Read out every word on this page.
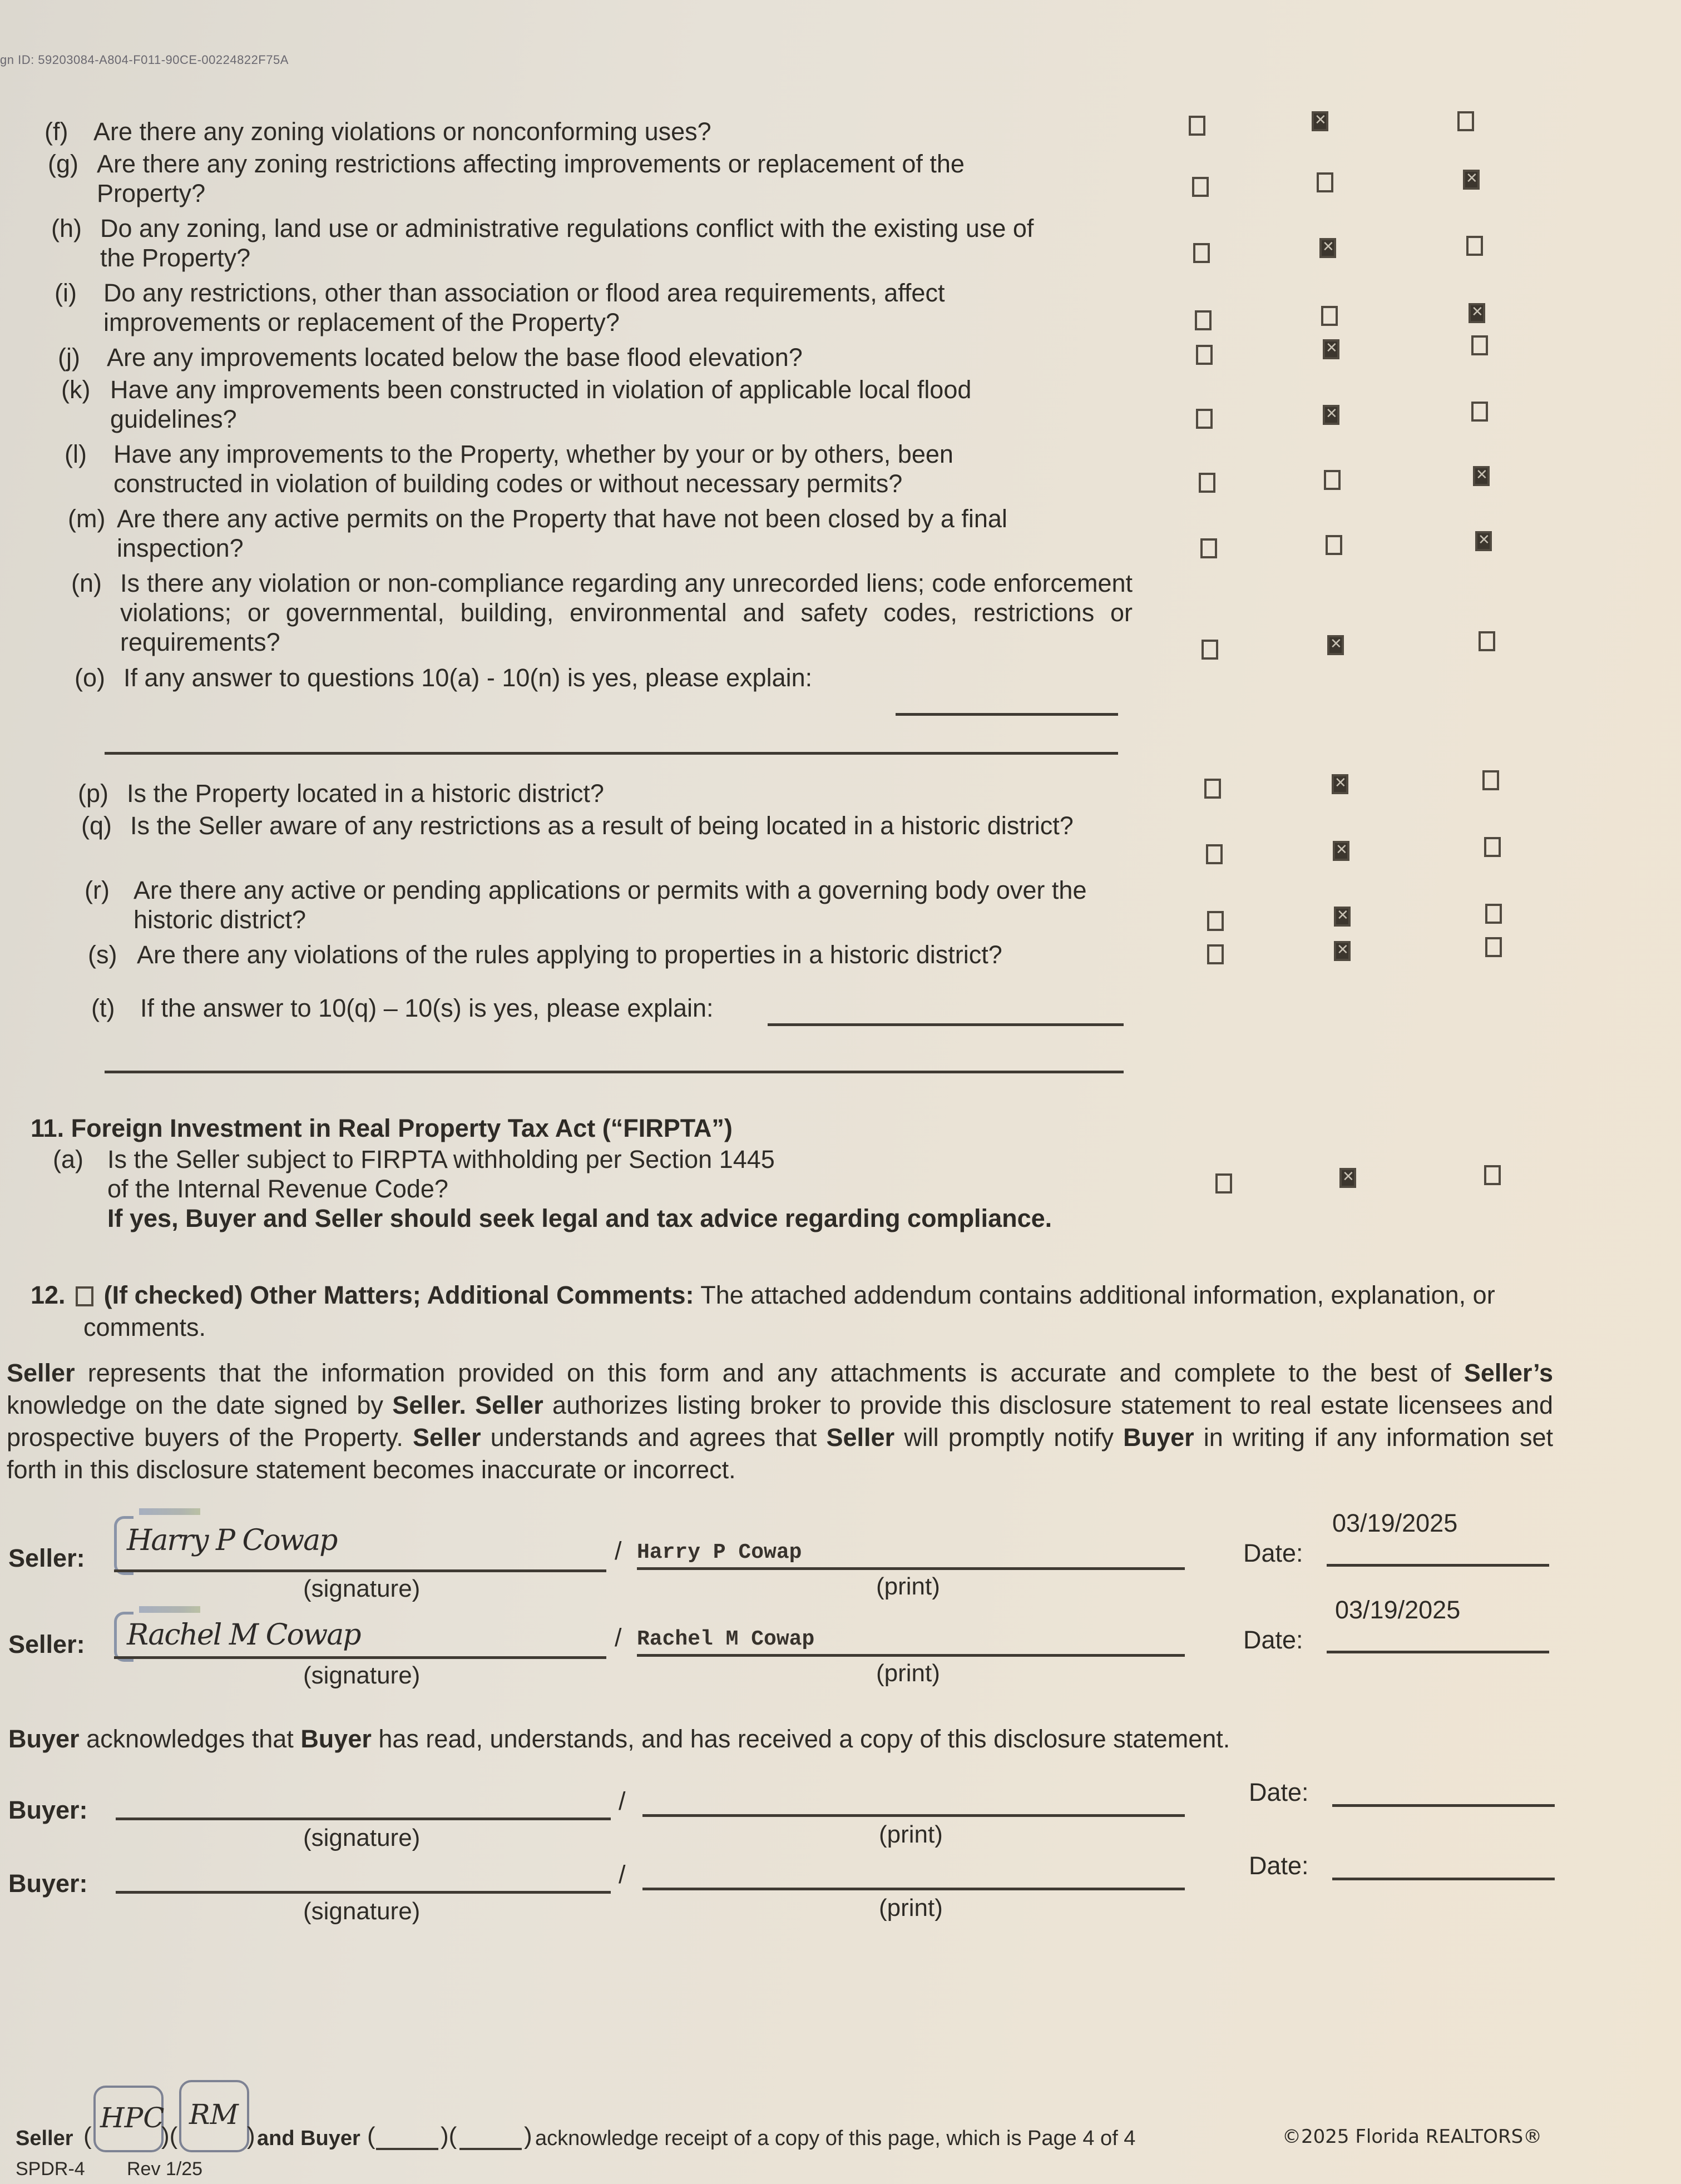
gn ID: 59203084-A804-F011-90CE-00224822F75A
(f) Are there any zoning violations or nonconforming uses?
✕
(g) Are there any zoning restrictions affecting improvements or replacement of the Property?
✕
(h) Do any zoning, land use or administrative regulations conflict with the existing use of the Property?
✕
(i) Do any restrictions, other than association or flood area requirements, affect improvements or replacement of the Property?
✕
(j) Are any improvements located below the base flood elevation?
✕
(k) Have any improvements been constructed in violation of applicable local flood guidelines?
✕
(l) Have any improvements to the Property, whether by your or by others, been constructed in violation of building codes or without necessary permits?
✕
(m) Are there any active permits on the Property that have not been closed by a final inspection?
✕
(n) Is there any violation or non-compliance regarding any unrecorded liens; code enforcement violations; or governmental, building, environmental and safety codes, restrictions or requirements?
✕
(o) If any answer to questions 10(a) - 10(n) is yes, please explain:
(p) Is the Property located in a historic district?
✕
(q) Is the Seller aware of any restrictions as a result of being located in a historic district?
✕
(r) Are there any active or pending applications or permits with a governing body over the historic district?
✕
(s) Are there any violations of the rules applying to properties in a historic district?
✕
(t) If the answer to 10(q) – 10(s) is yes, please explain:
11. Foreign Investment in Real Property Tax Act (“FIRPTA”)
(a) Is the Seller subject to FIRPTA withholding per Section 1445
of the Internal Revenue Code?
If yes, Buyer and Seller should seek legal and tax advice regarding compliance.
✕
12. (If checked) Other Matters; Additional Comments: The attached addendum contains additional information, explanation, or comments.
Seller represents that the information provided on this form and any attachments is accurate and complete to the best of Seller’s knowledge on the date signed by Seller. Seller authorizes listing broker to provide this disclosure statement to real estate licensees and prospective buyers of the Property. Seller understands and agrees that Seller will promptly notify Buyer in writing if any information set forth in this disclosure statement becomes inaccurate or incorrect.
Seller:
Harry P Cowap
(signature)
/ Harry P Cowap
(print)
03/19/2025
Date:
Seller: Rachel M Cowap
(signature)
/ Rachel M Cowap
(print)
03/19/2025
Date:
Buyer acknowledges that Buyer has read, understands, and has received a copy of this disclosure statement.
Buyer:
(signature)
/
(print)
Date:
Buyer:
(signature)
/
(print)
Date:
Seller (
HPC
)(
RM
) and Buyer (	)(	) acknowledge receipt of a copy of this page, which is Page 4 of 4
SPDR-4 Rev 1/25
©2025 Florida REALTORS®
